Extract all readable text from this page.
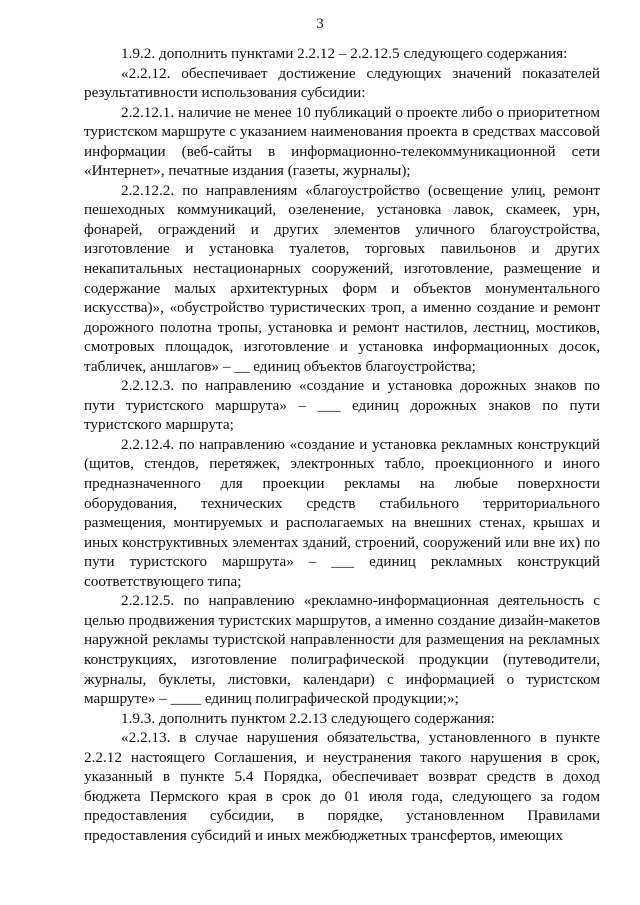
3

1.9.2. дополнить пунктами 2.2.12 – 2.2.12.5 следующего содержания:

«2.2.12. обеспечивает достижение следующих значений показателей результативности использования субсидии:

2.2.12.1. наличие не менее 10 публикаций о проекте либо о приоритетном туристском маршруте с указанием наименования проекта в средствах массовой информации (веб-сайты в информационно-телекоммуникационной сети «Интернет», печатные издания (газеты, журналы);

2.2.12.2. по направлениям «благоустройство (освещение улиц, ремонт пешеходных коммуникаций, озеленение, установка лавок, скамеек, урн, фонарей, ограждений и других элементов уличного благоустройства, изготовление и установка туалетов, торговых павильонов и других некапитальных нестационарных сооружений, изготовление, размещение и содержание малых архитектурных форм и объектов монументального искусства)», «обустройство туристических троп, а именно создание и ремонт дорожного полотна тропы, установка и ремонт настилов, лестниц, мостиков, смотровых площадок, изготовление и установка информационных досок, табличек, аншлагов» – __ единиц объектов благоустройства;

2.2.12.3. по направлению «создание и установка дорожных знаков по пути туристского маршрута» – ___ единиц дорожных знаков по пути туристского маршрута;

2.2.12.4. по направлению «создание и установка рекламных конструкций (щитов, стендов, перетяжек, электронных табло, проекционного и иного предназначенного для проекции рекламы на любые поверхности оборудования, технических средств стабильного территориального размещения, монтируемых и располагаемых на внешних стенах, крышах и иных конструктивных элементах зданий, строений, сооружений или вне их) по пути туристского маршрута» – ___ единиц рекламных конструкций соответствующего типа;

2.2.12.5. по направлению «рекламно-информационная деятельность с целью продвижения туристских маршрутов, а именно создание дизайн-макетов наружной рекламы туристской направленности для размещения на рекламных конструкциях, изготовление полиграфической продукции (путеводители, журналы, буклеты, листовки, календари) с информацией о туристском маршруте» – ____ единиц полиграфической продукции;»;

1.9.3. дополнить пунктом 2.2.13 следующего содержания:

«2.2.13. в случае нарушения обязательства, установленного в пункте 2.2.12 настоящего Соглашения, и неустранения такого нарушения в срок, указанный в пункте 5.4 Порядка, обеспечивает возврат средств в доход бюджета Пермского края в срок до 01 июля года, следующего за годом предоставления субсидии, в порядке, установленном Правилами предоставления субсидий и иных межбюджетных трансфертов, имеющих
